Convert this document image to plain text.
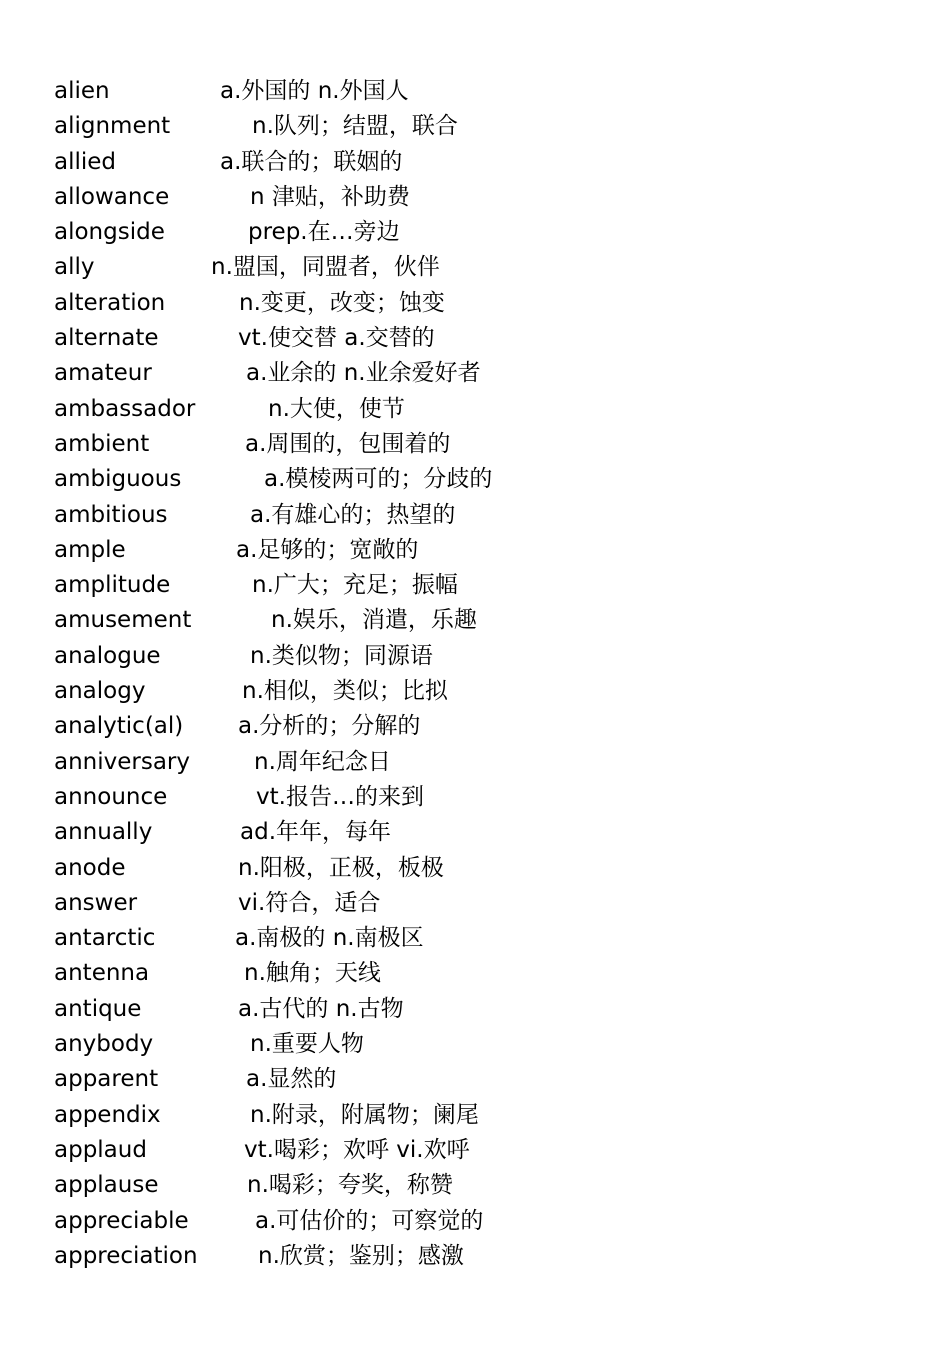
alien	a.外国的 n.外国人
alignment	n.队列；结盟，联合
allied	a.联合的；联姻的
allowance	n 津贴，补助费
alongside	prep.在…旁边
ally	n.盟国，同盟者，伙伴
alteration	n.变更，改变；蚀变
alternate	vt.使交替 a.交替的
amateur	a.业余的 n.业余爱好者
ambassador	n.大使，使节
ambient	a.周围的，包围着的
ambiguous	a.模棱两可的；分歧的
ambitious	a.有雄心的；热望的
ample	a.足够的；宽敞的
amplitude	n.广大；充足；振幅
amusement	n.娱乐，消遣，乐趣
analogue	n.类似物；同源语
analogy	n.相似，类似；比拟
analytic(al) a.分析的；分解的
anniversary	n.周年纪念日
announce	vt.报告…的来到
annually	ad.年年，每年
anode	n.阳极，正极，板极
answer	vi.符合，适合
antarctic	a.南极的 n.南极区
antenna	n.触角；天线
antique	a.古代的 n.古物
anybody	n.重要人物
apparent	a.显然的
appendix	n.附录，附属物；阑尾
applaud	vt.喝彩；欢呼 vi.欢呼
applause	n.喝彩；夸奖，称赞
appreciable	a.可估价的；可察觉的
appreciation	n.欣赏；鉴别；感激
